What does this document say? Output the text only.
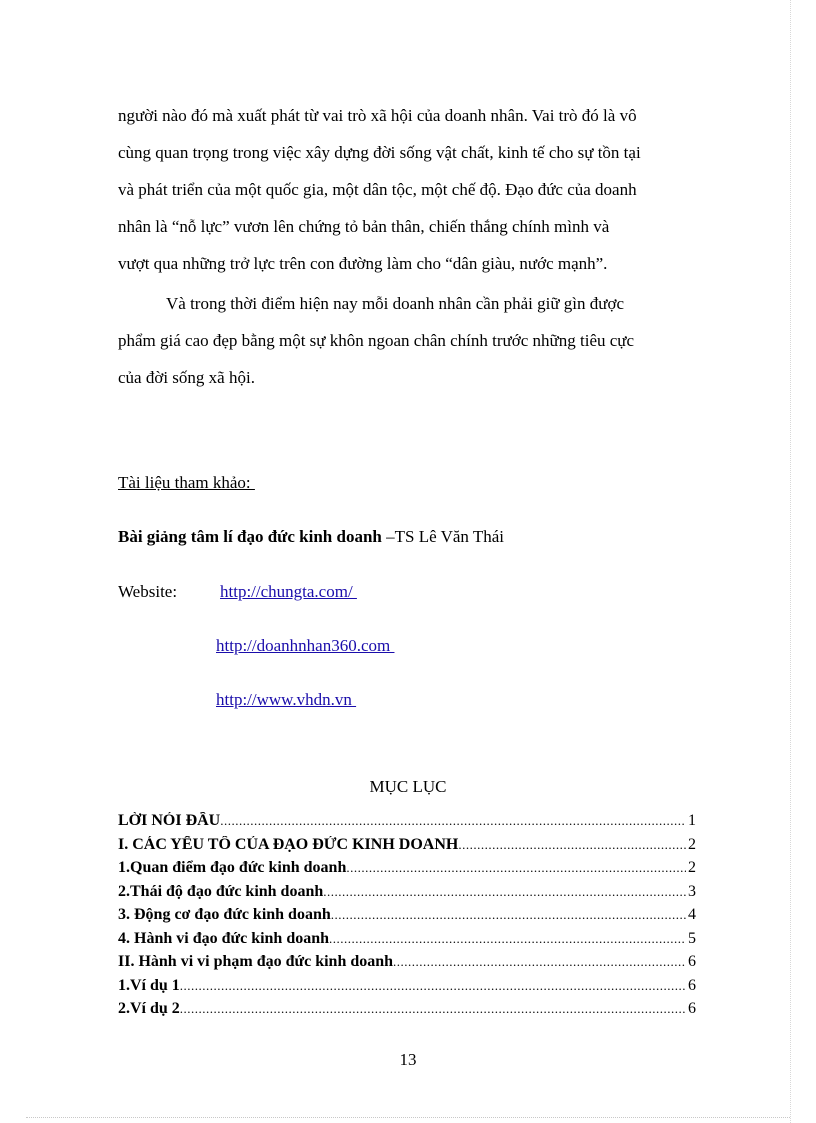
người nào đó mà xuất phát từ vai trò xã hội của doanh nhân. Vai trò đó là vô
cùng quan trọng trong việc xây dựng đời sống vật chất, kinh tế cho sự tồn tại
và phát triển của một quốc gia, một dân tộc, một chế độ. Đạo đức của doanh
nhân là “nỗ lực” vươn lên chứng tỏ bản thân, chiến thắng chính mình và
vượt qua những trở lực trên con đường làm cho “dân giàu, nước mạnh”.
Và trong thời điểm hiện nay mỗi doanh nhân cần phải giữ gìn được
phẩm giá cao đẹp bằng một sự khôn ngoan chân chính trước những tiêu cực
của đời sống xã hội.
Tài liệu tham khảo:
Bài giảng tâm lí đạo đức kinh doanh –TS Lê Văn Thái
Website:	http://chungta.com/
http://doanhnhan360.com
http://www.vhdn.vn
MỤC LỤC
LỜI NÓI ĐẦU .....	1
I. CÁC YẾU TỐ CỦA ĐẠO ĐỨC KINH DOANH .....	2
1.Quan điểm đạo đức kinh doanh .....	2
2.Thái độ đạo đức kinh doanh .....	3
3. Động cơ đạo đức kinh doanh .....	4
4. Hành vi đạo đức kinh doanh .....	5
II. Hành vi vi phạm đạo đức kinh doanh .....	6
1.Ví dụ 1 .....	6
2.Ví dụ 2 .....	6
13
